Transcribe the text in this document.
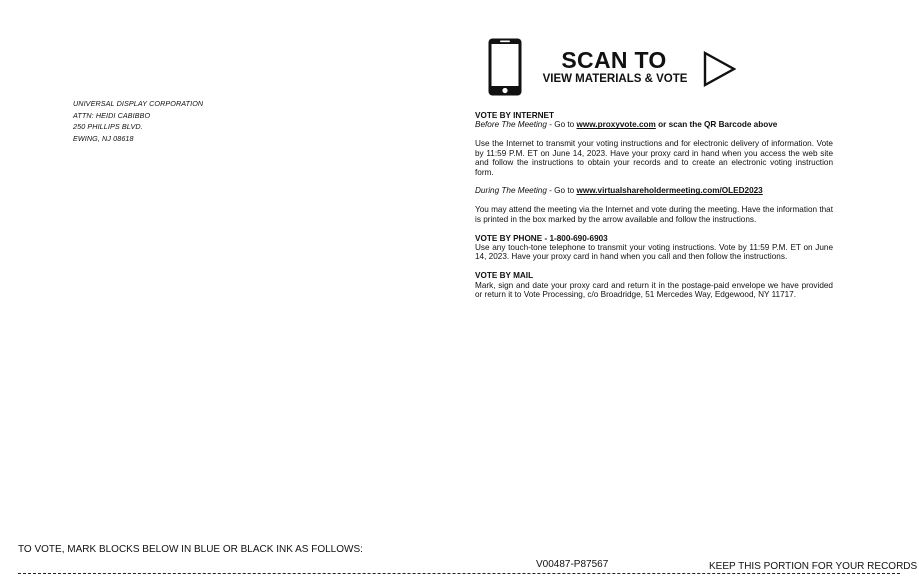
UNIVERSAL DISPLAY CORPORATION
ATTN: HEIDI CABIBBO
250 PHILLIPS BLVD.
EWING, NJ 08618
SCAN TO
VIEW MATERIALS & VOTE

VOTE BY INTERNET

Before The Meeting - Go to www.proxyvote.com or scan the QR Barcode above

Use the Internet to transmit your voting instructions and for electronic delivery of information. Vote by 11:59 P.M. ET on June 14, 2023. Have your proxy card in hand when you access the web site and follow the instructions to obtain your records and to create an electronic voting instruction form.

During The Meeting - Go to www.virtualshareholdermeeting.com/OLED2023

You may attend the meeting via the Internet and vote during the meeting. Have the information that is printed in the box marked by the arrow available and follow the instructions.

VOTE BY PHONE - 1-800-690-6903

Use any touch-tone telephone to transmit your voting instructions. Vote by 11:59 P.M. ET on June 14, 2023. Have your proxy card in hand when you call and then follow the instructions.

VOTE BY MAIL

Mark, sign and date your proxy card and return it in the postage-paid envelope we have provided or return it to Vote Processing, c/o Broadridge, 51 Mercedes Way, Edgewood, NY 11717.

TO VOTE, MARK BLOCKS BELOW IN BLUE OR BLACK INK AS FOLLOWS:
V00487-P87567	KEEP THIS PORTION FOR YOUR RECORDS
